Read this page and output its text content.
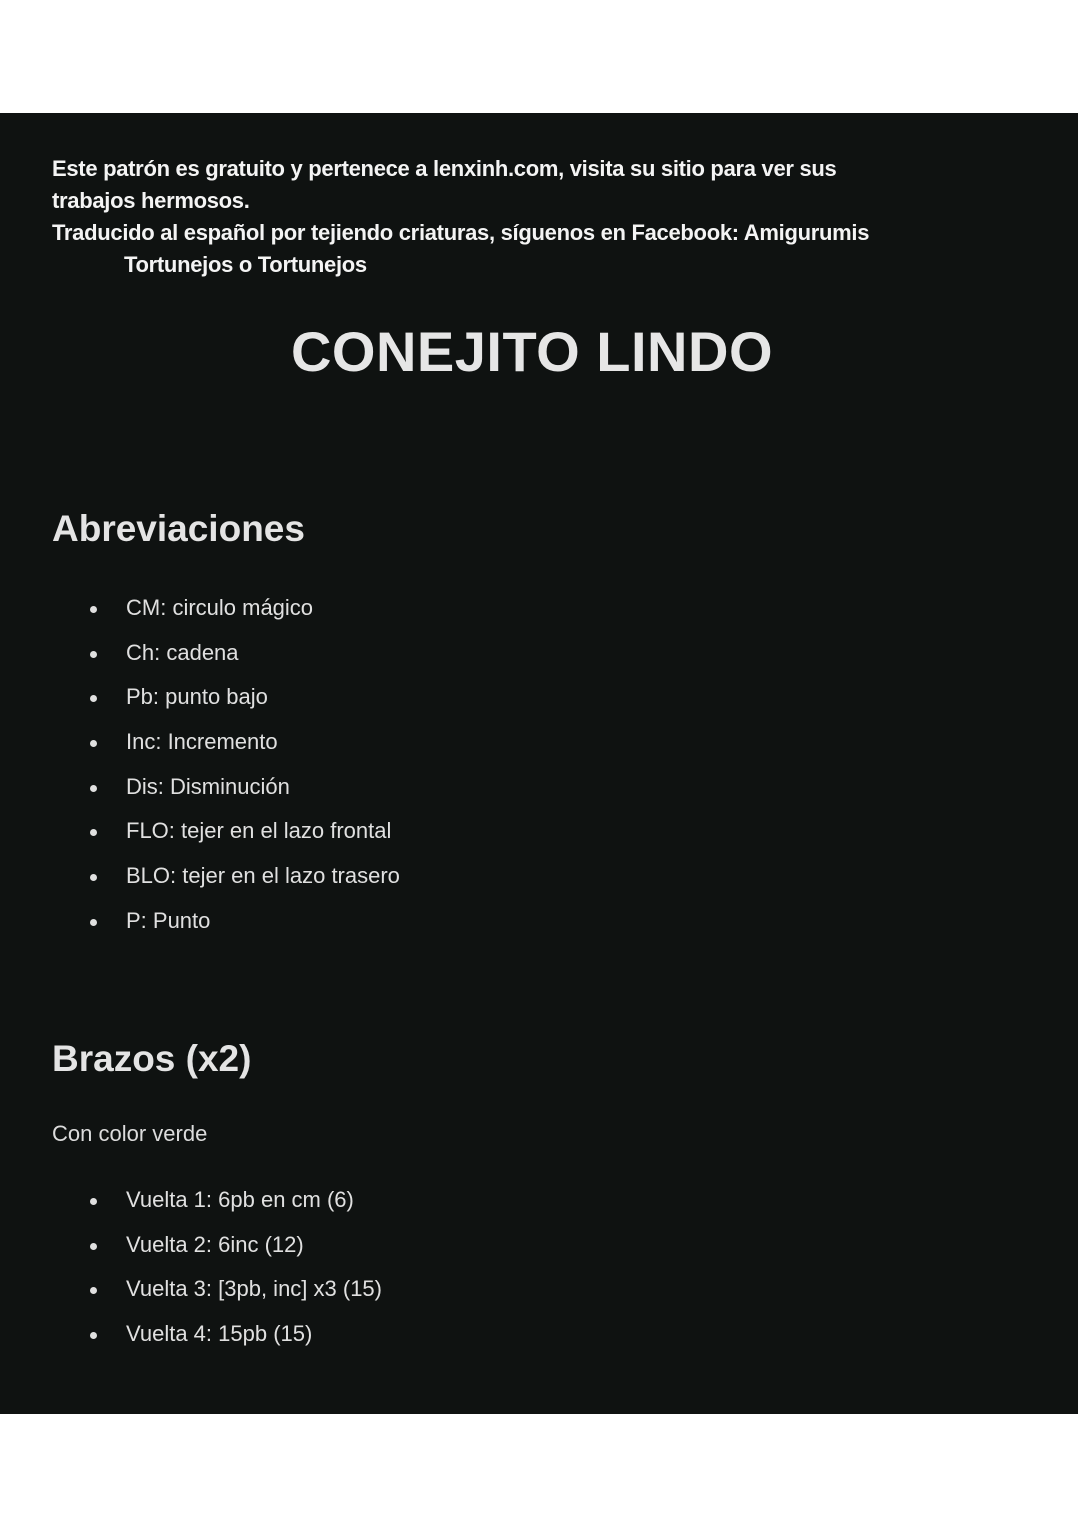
Este patrón es gratuito y pertenece a lenxinh.com, visita su sitio para ver sus
trabajos hermosos.
Traducido al español por tejiendo criaturas, síguenos en Facebook: Amigurumis
Tortunejos o Tortunejos
CONEJITO LINDO
Abreviaciones
CM: circulo mágico
Ch: cadena
Pb: punto bajo
Inc: Incremento
Dis: Disminución
FLO: tejer en el lazo frontal
BLO: tejer en el lazo trasero
P: Punto
Brazos (x2)
Con color verde
Vuelta 1: 6pb en cm (6)
Vuelta 2: 6inc (12)
Vuelta 3: [3pb, inc] x3 (15)
Vuelta 4: 15pb (15)
